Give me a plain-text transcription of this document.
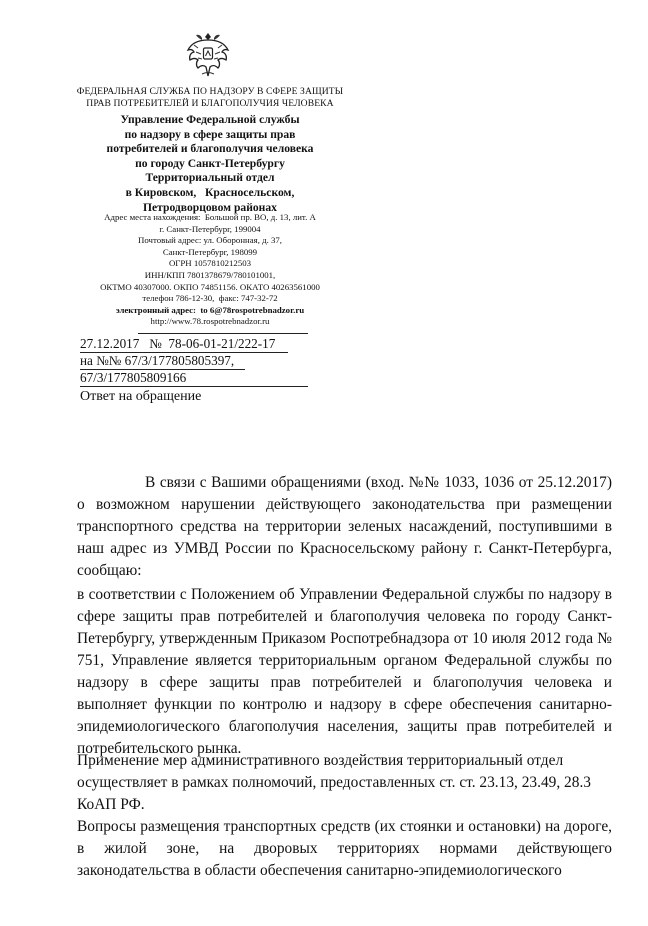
ФЕДЕРАЛЬНАЯ СЛУЖБА ПО НАДЗОРУ В СФЕРЕ ЗАЩИТЫ
ПРАВ ПОТРЕБИТЕЛЕЙ И БЛАГОПОЛУЧИЯ ЧЕЛОВЕКА
Управление Федеральной службы
по надзору в сфере защиты прав
потребителей и благополучия человека
по городу Санкт-Петербургу
Территориальный отдел
в Кировском,   Красносельском,
Петродворцовом районах
Адрес места нахождения:  Большой пр. ВО, д. 13, лит. А
г. Санкт-Петербург, 199004
Почтовый адрес: ул. Оборонная, д. 37,
Санкт-Петербург, 198099
ОГРН 1057810212503
ИНН/КПП 7801378679/780101001,
ОКТМО 40307000. ОКПО 74851156. ОКАТО 40263561000
телефон 786-12-30,  факс: 747-32-72
электронный адрес:  to 6@78rospotrebnadzor.ru
http://www.78.rospotrebnadzor.ru
27.12.2017   №  78-06-01-21/222-17
на №№ 67/3/177805805397,
67/3/177805809166
Ответ на обращение

В связи с Вашими обращениями (вход. №№ 1033, 1036 от 25.12.2017) о возможном нарушении действующего законодательства при размещении транспортного средства на территории зеленых насаждений, поступившими в наш адрес из УМВД России по Красносельскому району г. Санкт-Петербурга, сообщаю:

в соответствии с Положением об Управлении Федеральной службы по надзору в сфере защиты прав потребителей и благополучия человека по городу Санкт-Петербургу, утвержденным Приказом Роспотребнадзора от 10 июля 2012 года № 751, Управление является территориальным органом Федеральной службы по надзору в сфере защиты прав потребителей и благополучия человека и выполняет функции по контролю и надзору в сфере обеспечения санитарно-эпидемиологического благополучия населения, защиты прав потребителей и потребительского рынка.

Применение мер административного воздействия территориальный отдел осуществляет в рамках полномочий, предоставленных ст. ст. 23.13, 23.49, 28.3 КоАП РФ.

Вопросы размещения транспортных средств (их стоянки и остановки) на дороге, в жилой зоне, на дворовых территориях нормами действующего законодательства в области обеспечения санитарно-эпидемиологического
